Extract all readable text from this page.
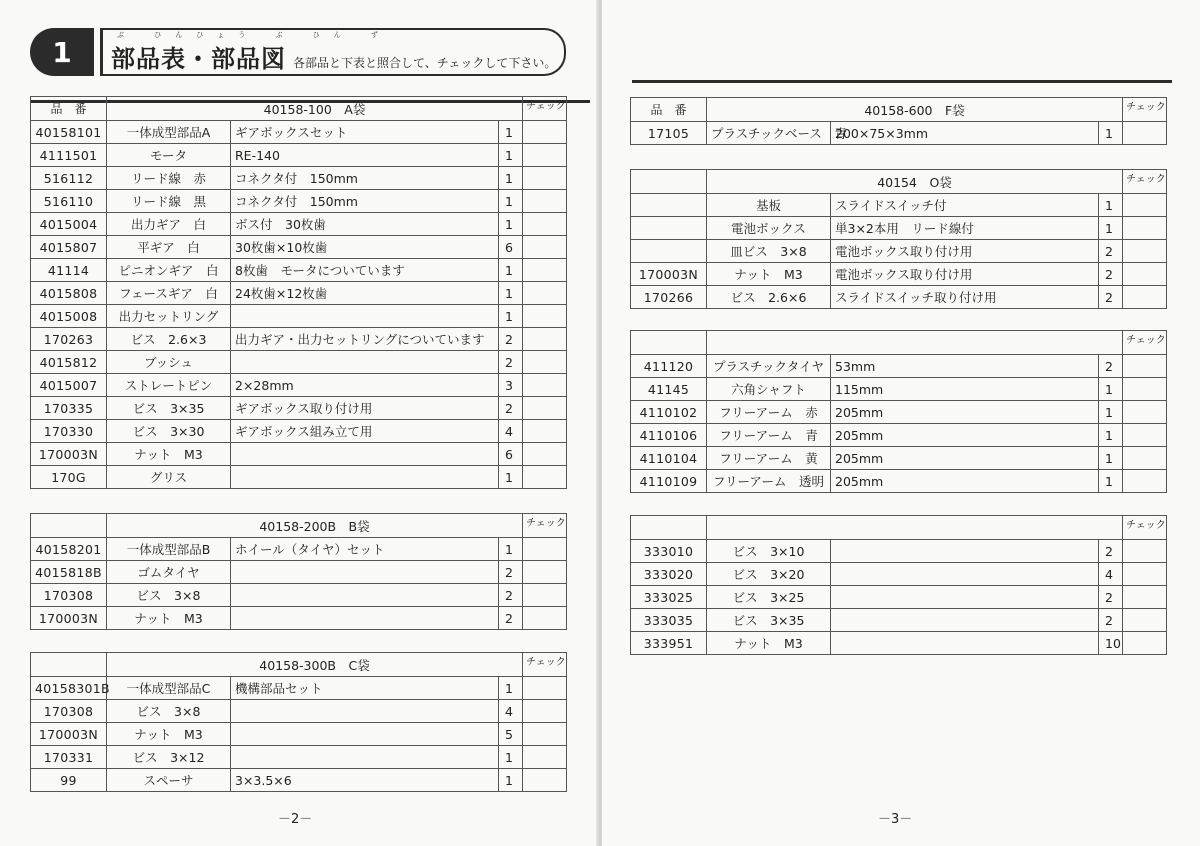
1
ぶ ひんひょう ぶ ひん ず
部品表・部品図 各部品と下表と照合して、チェックして下さい。
品　番	40158-100　A袋			チェック
40158101	一体成型部品A	ギアボックスセット	1	
4111501	モータ	RE-140	1	
516112	リード線　赤	コネクタ付　150mm	1	
516110	リード線　黒	コネクタ付　150mm	1	
4015004	出力ギア　白	ボス付　30枚歯	1	
4015807	平ギア　白	30枚歯×10枚歯	6	
41114	ピニオンギア　白	8枚歯　モータについています	1	
4015808	フェースギア　白	24枚歯×12枚歯	1	
4015008	出力セットリング		1	
170263	ビス　2.6×3	出力ギア・出力セットリングについています	2	
4015812	ブッシュ		2	
4015007	ストレートピン	2×28mm	3	
170335	ビス　3×35	ギアボックス取り付け用	2	
170330	ビス　3×30	ギアボックス組み立て用	4	
170003N	ナット　M3		6	
170G	グリス		1	
	40158-200B　B袋			チェック
40158201	一体成型部品B	ホイール（タイヤ）セット	1	
4015818B	ゴムタイヤ		2	
170308	ビス　3×8		2	
170003N	ナット　M3		2	
	40158-300B　C袋			チェック
40158301B	一体成型部品C	機構部品セット	1	
170308	ビス　3×8		4	
170003N	ナット　M3		5	
170331	ビス　3×12		1	
99	スペーサ	3×3.5×6	1	
－2－
品　番	40158-600　F袋			チェック
17105	プラスチックベース　青	200×75×3mm	1	
	40154　O袋			チェック
	基板	スライドスイッチ付	1	
	電池ボックス	単3×2本用　リード線付	1	
	皿ビス　3×8	電池ボックス取り付け用	2	
170003N	ナット　M3	電池ボックス取り付け用	2	
170266	ビス　2.6×6	スライドスイッチ取り付け用	2	
				チェック
411120	プラスチックタイヤ	53mm	2	
41145	六角シャフト	115mm	1	
4110102	フリーアーム　赤	205mm	1	
4110106	フリーアーム　青	205mm	1	
4110104	フリーアーム　黄	205mm	1	
4110109	フリーアーム　透明	205mm	1	
				チェック
333010	ビス　3×10		2	
333020	ビス　3×20		4	
333025	ビス　3×25		2	
333035	ビス　3×35		2	
333951	ナット　M3		10	
－3－
